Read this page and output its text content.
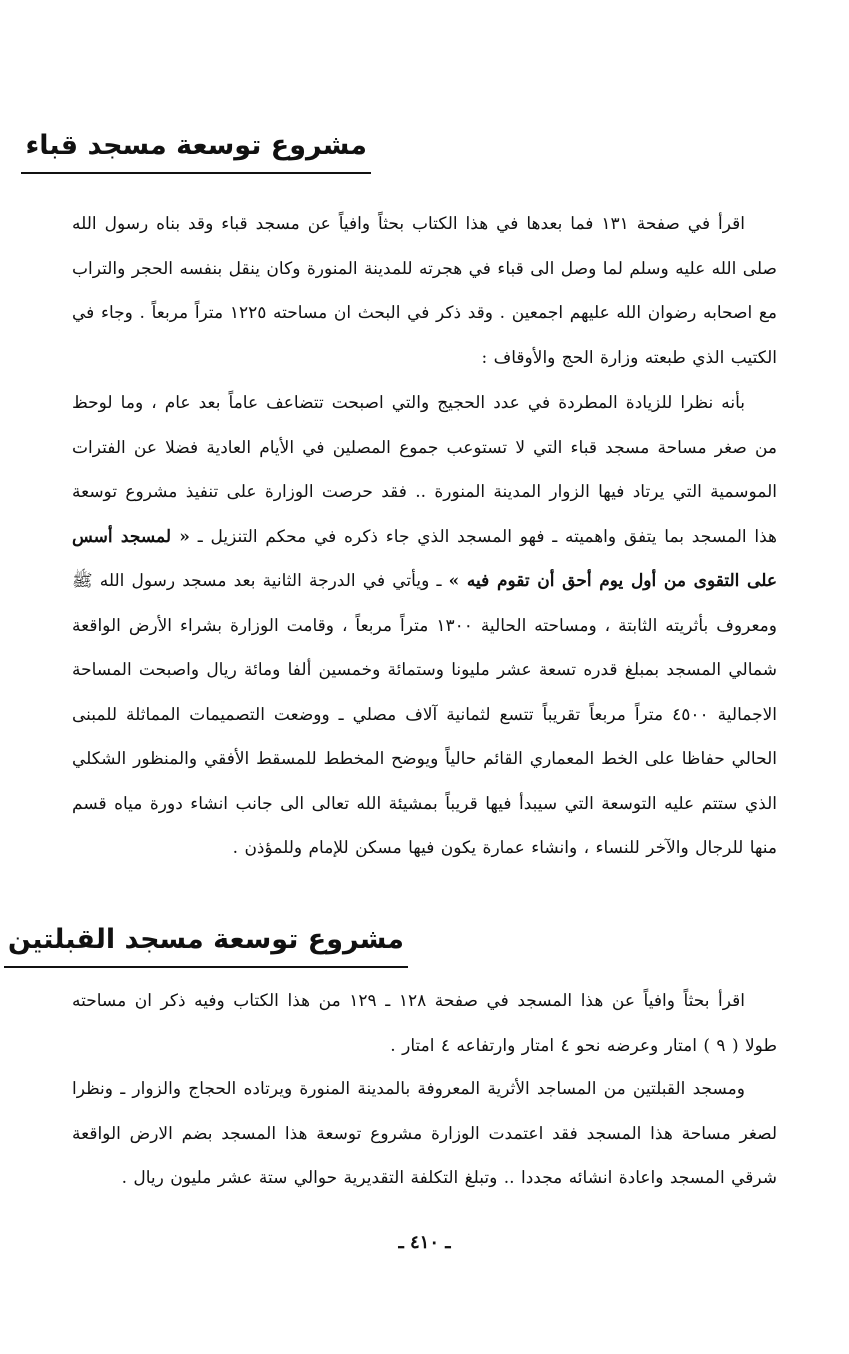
مشروع توسعة مسجد قباء
اقرأ في صفحة ١٣١ فما بعدها في هذا الكتاب بحثاً وافياً عن مسجد قباء وقد بناه رسول الله صلى الله عليه وسلم لما وصل الى قباء في هجرته للمدينة المنورة وكان ينقل بنفسه الحجر والتراب مع اصحابه رضوان الله عليهم اجمعين . وقد ذكر في البحث ان مساحته ١٢٢٥ متراً مربعاً . وجاء في الكتيب الذي طبعته وزارة الحج والأوقاف :
بأنه نظرا للزيادة المطردة في عدد الحجيج والتي اصبحت تتضاعف عاماً بعد عام ، وما لوحظ من صغر مساحة مسجد قباء التي لا تستوعب جموع المصلين في الأيام العادية فضلا عن الفترات الموسمية التي يرتاد فيها الزوار المدينة المنورة .. فقد حرصت الوزارة على تنفيذ مشروع توسعة هذا المسجد بما يتفق واهميته ـ فهو المسجد الذي جاء ذكره في محكم التنزيل ـ « لمسجد أسس على التقوى من أول يوم أحق أن تقوم فيه » ـ ويأتي في الدرجة الثانية بعد مسجد رسول الله ﷺ ومعروف بأثريته الثابتة ، ومساحته الحالية ١٣٠٠ متراً مربعاً ، وقامت الوزارة بشراء الأرض الواقعة شمالي المسجد بمبلغ قدره تسعة عشر مليونا وستمائة وخمسين ألفا ومائة ريال واصبحت المساحة الاجمالية ٤٥٠٠ متراً مربعاً تقريباً تتسع لثمانية آلاف مصلي ـ ووضعت التصميمات المماثلة للمبنى الحالي حفاظا على الخط المعماري القائم حالياً ويوضح المخطط للمسقط الأفقي والمنظور الشكلي الذي ستتم عليه التوسعة التي سيبدأ فيها قريباً بمشيئة الله تعالى الى جانب انشاء دورة مياه قسم منها للرجال والآخر للنساء ، وانشاء عمارة يكون فيها مسكن للإمام وللمؤذن .
مشروع توسعة مسجد القبلتين
اقرأ بحثاً وافياً عن هذا المسجد في صفحة ١٢٨ ـ ١٢٩ من هذا الكتاب وفيه ذكر ان مساحته طولا ( ٩ ) امتار وعرضه نحو ٤ امتار وارتفاعه ٤ امتار .
ومسجد القبلتين من المساجد الأثرية المعروفة بالمدينة المنورة ويرتاده الحجاج والزوار ـ ونظرا لصغر مساحة هذا المسجد فقد اعتمدت الوزارة مشروع توسعة هذا المسجد بضم الارض الواقعة شرقي المسجد واعادة انشائه مجددا .. وتبلغ التكلفة التقديرية حوالي ستة عشر مليون ريال .
ـ ٤١٠ ـ
